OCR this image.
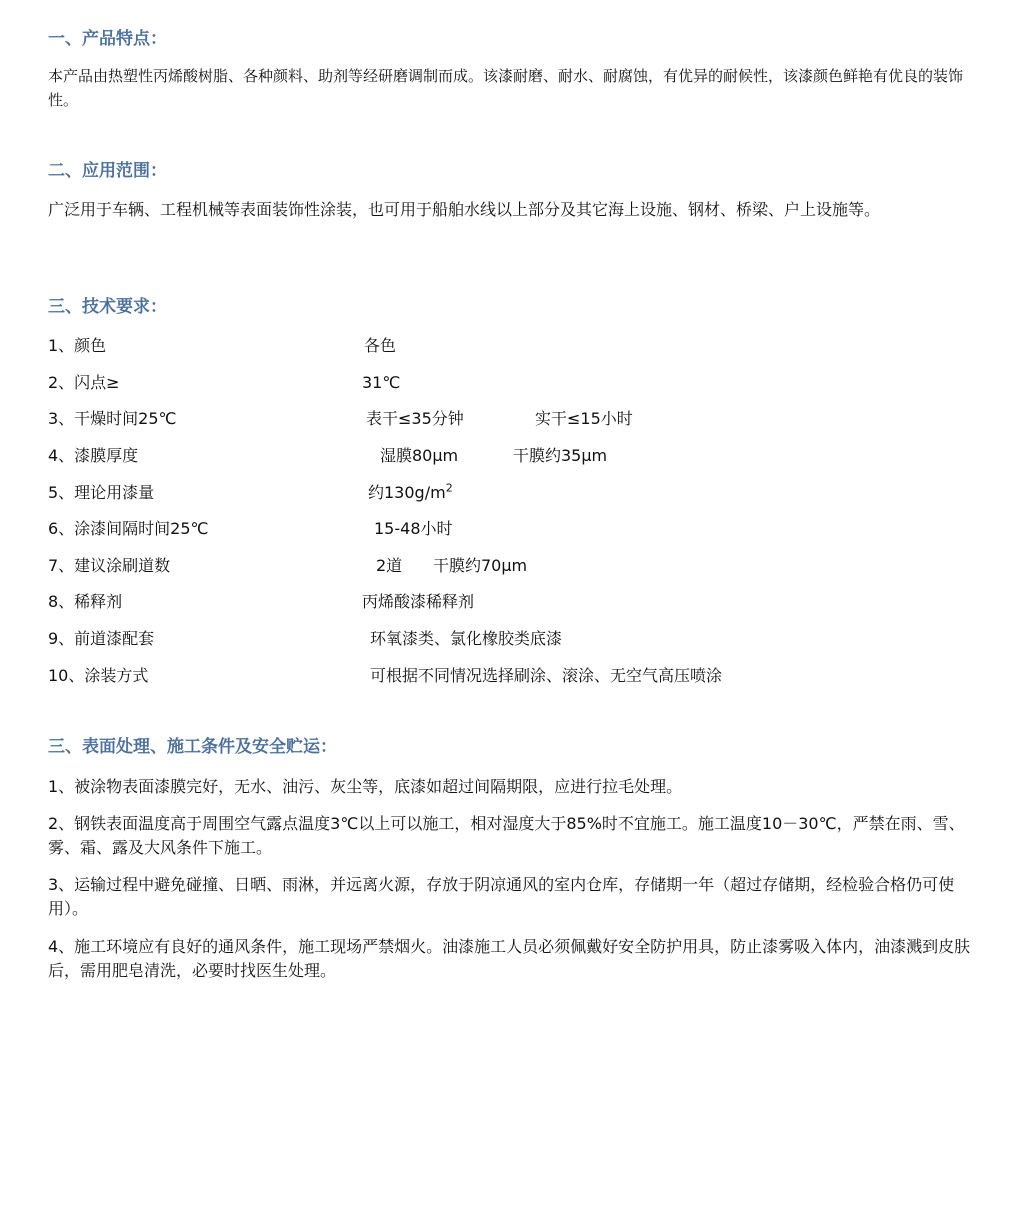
一、产品特点：
本产品由热塑性丙烯酸树脂、各种颜料、助剂等经研磨调制而成。该漆耐磨、耐水、耐腐蚀，有优异的耐候性，该漆颜色鲜艳有优良的装饰性。
二、应用范围：
广泛用于车辆、工程机械等表面装饰性涂装，也可用于船舶水线以上部分及其它海上设施、钢材、桥梁、户上设施等。
三、技术要求：
1、颜色	各色
2、闪点≥	31℃
3、干燥时间25℃	表干≤35分钟	实干≤15小时
4、漆膜厚度	湿膜80μm	干膜约35μm
5、理论用漆量	约$130g/m^2$
6、涂漆间隔时间25℃	15-48小时
7、建议涂刷道数	2道 干膜约70μm
8、稀释剂	丙烯酸漆稀释剂
9、前道漆配套	环氧漆类、氯化橡胶类底漆
10、涂装方式	可根据不同情况选择刷涂、滚涂、无空气高压喷涂
三、表面处理、施工条件及安全贮运：
1、被涂物表面漆膜完好，无水、油污、灰尘等，底漆如超过间隔期限，应进行拉毛处理。
2、钢铁表面温度高于周围空气露点温度3℃以上可以施工，相对湿度大于85%时不宜施工。施工温度10－30℃，严禁在雨、雪、雾、霜、露及大风条件下施工。
3、运输过程中避免碰撞、日晒、雨淋，并远离火源，存放于阴凉通风的室内仓库，存储期一年（超过存储期，经检验合格仍可使用）。
4、施工环境应有良好的通风条件，施工现场严禁烟火。油漆施工人员必须佩戴好安全防护用具，防止漆雾吸入体内，油漆溅到皮肤后，需用肥皂清洗，必要时找医生处理。
